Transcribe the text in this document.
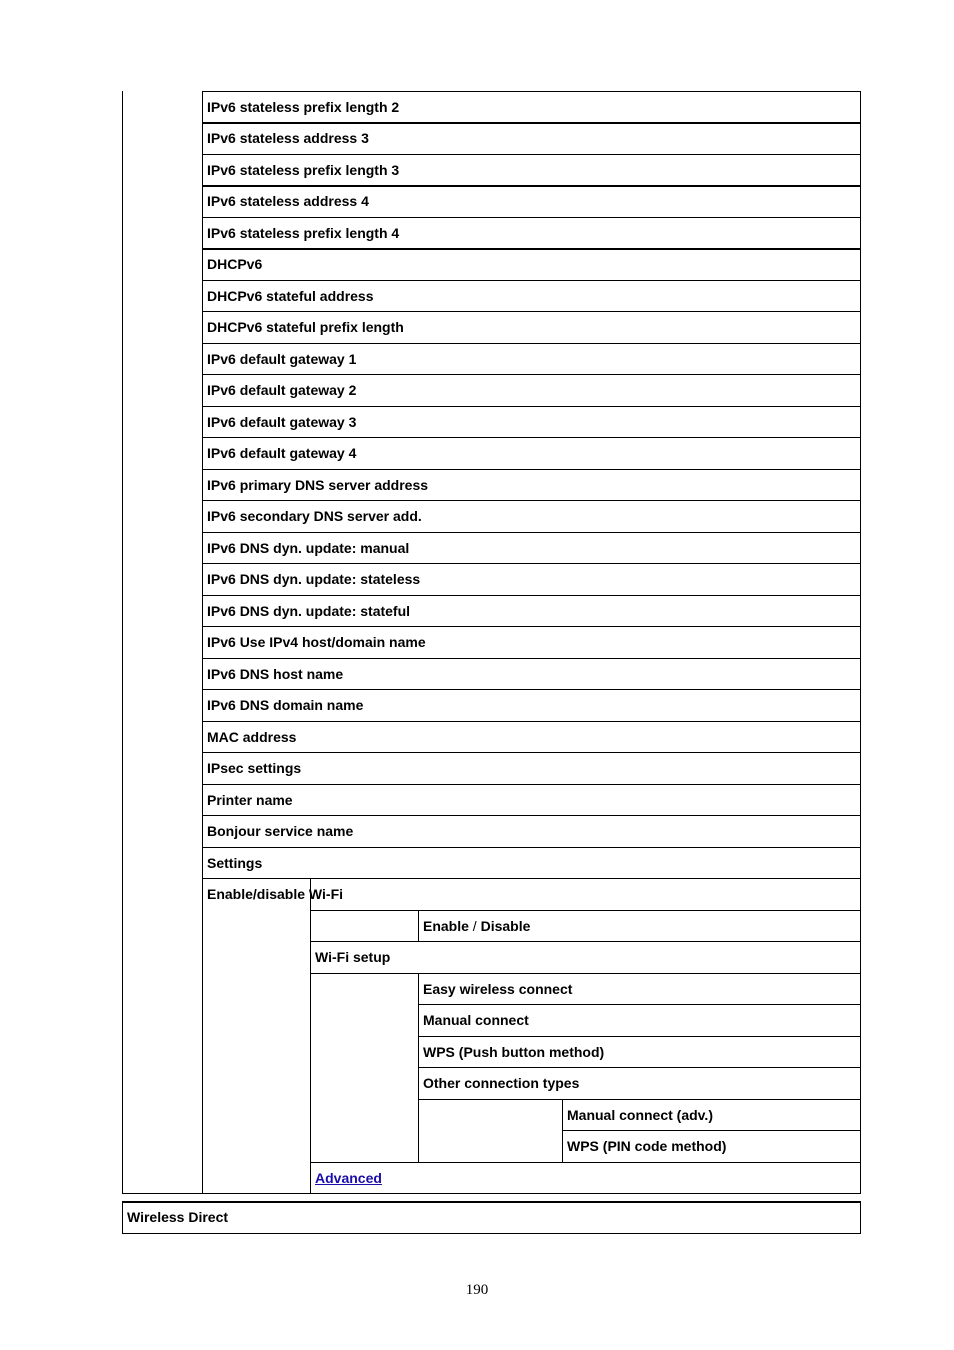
IPv6 stateless prefix length 2
IPv6 stateless address 3
IPv6 stateless prefix length 3
IPv6 stateless address 4
IPv6 stateless prefix length 4
DHCPv6
DHCPv6 stateful address
DHCPv6 stateful prefix length
IPv6 default gateway 1
IPv6 default gateway 2
IPv6 default gateway 3
IPv6 default gateway 4
IPv6 primary DNS server address
IPv6 secondary DNS server add.
IPv6 DNS dyn. update: manual
IPv6 DNS dyn. update: stateless
IPv6 DNS dyn. update: stateful
IPv6 Use IPv4 host/domain name
IPv6 DNS host name
IPv6 DNS domain name
MAC address
IPsec settings
Printer name
Bonjour service name
Settings
Enable/disable Wi-Fi
Enable / Disable
Wi-Fi setup
Easy wireless connect
Manual connect
WPS (Push button method)
Other connection types
Manual connect (adv.)
WPS (PIN code method)
Advanced
Wireless Direct
190
